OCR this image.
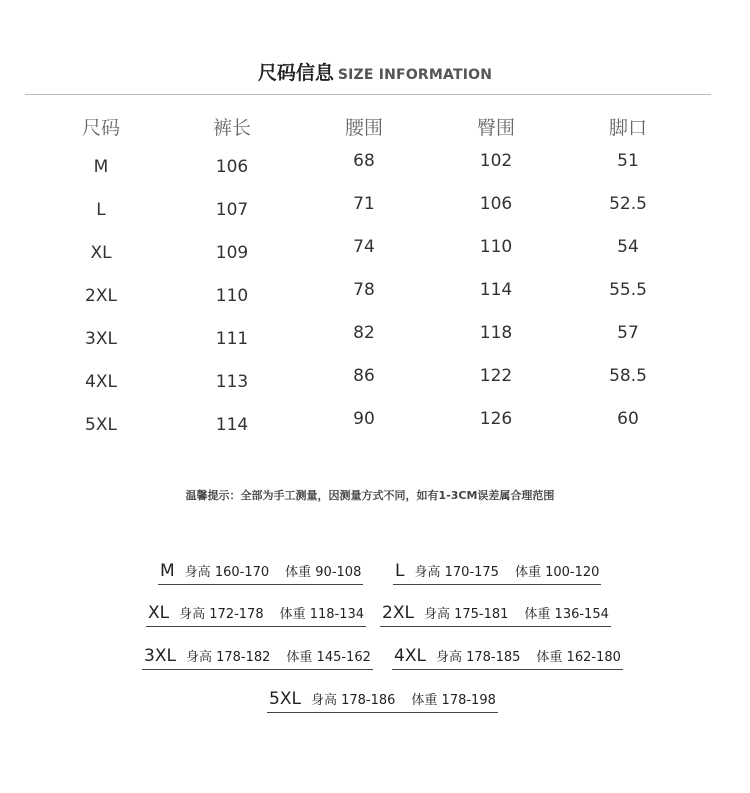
尺码信息 SIZE INFORMATION
尺码	裤长	腰围	臀围	脚口
M	106	68	102	51
L	107	71	106	52.5
XL	109	74	110	54
2XL	110	78	114	55.5
3XL	111	82	118	57
4XL	113	86	122	58.5
5XL	114	90	126	60
温馨提示：全部为手工测量，因测量方式不同，如有1-3CM误差属合理范围
M 身高 160-170 体重 90-108 L 身高 170-175 体重 100-120
XL 身高 172-178 体重 118-134 2XL 身高 175-181 体重 136-154
3XL 身高 178-182 体重 145-162 4XL 身高 178-185 体重 162-180
5XL 身高 178-186 体重 178-198
